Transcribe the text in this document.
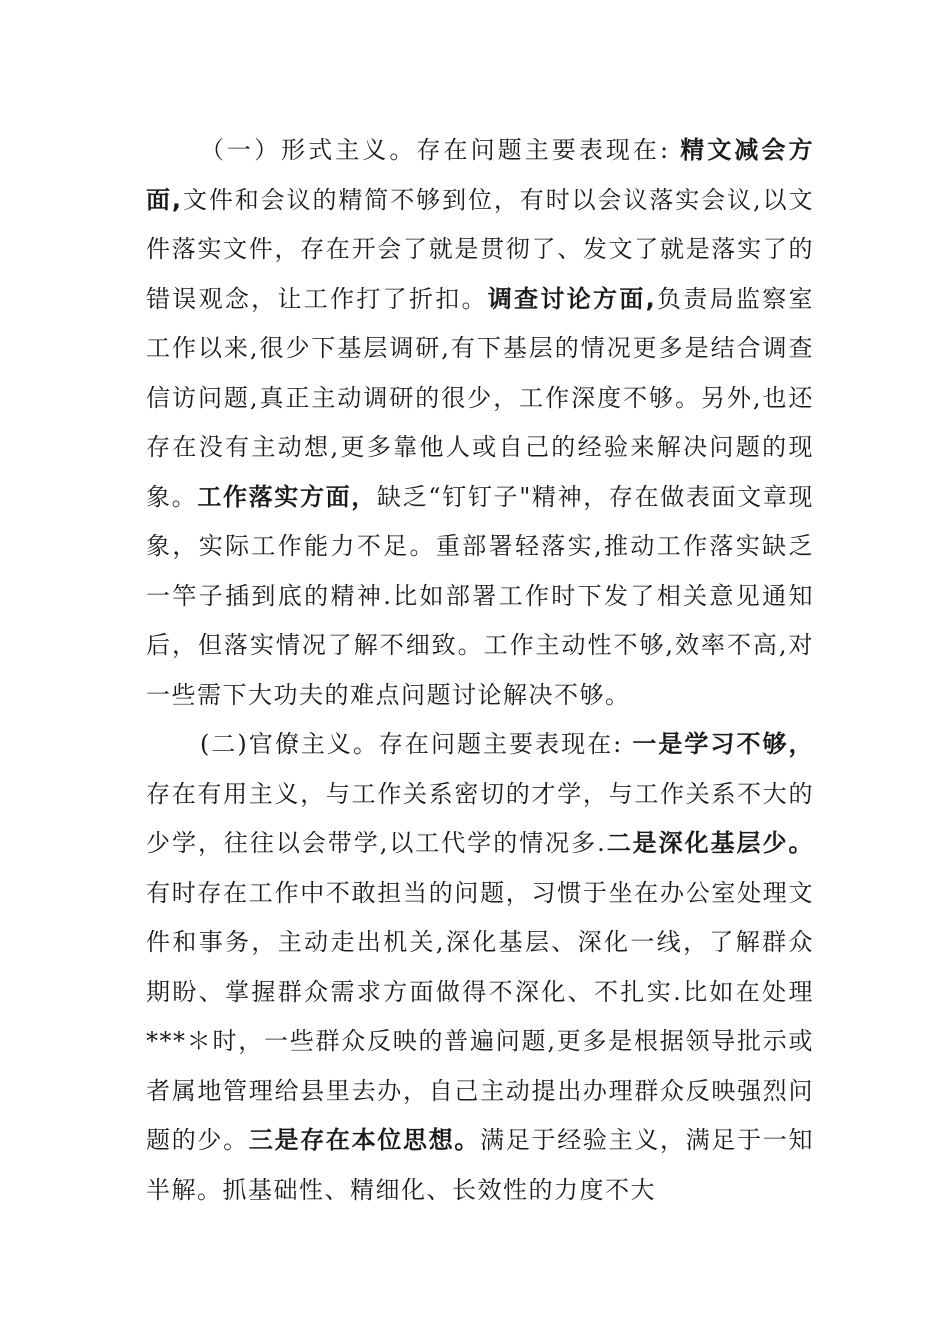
（一）形式主义。存在问题主要表现在: 精文减会方面,文件和会议的精简不够到位，有时以会议落实会议,以文件落实文件，存在开会了就是贯彻了、发文了就是落实了的错误观念，让工作打了折扣。调查讨论方面,负责局监察室工作以来,很少下基层调研,有下基层的情况更多是结合调查信访问题,真正主动调研的很少，工作深度不够。另外,也还存在没有主动想,更多靠他人或自己的经验来解决问题的现象。工作落实方面，缺乏“钉钉子"精神，存在做表面文章现象，实际工作能力不足。重部署轻落实,推动工作落实缺乏一竿子插到底的精神.比如部署工作时下发了相关意见通知后，但落实情况了解不细致。工作主动性不够,效率不高,对一些需下大功夫的难点问题讨论解决不够。

(二)官僚主义。存在问题主要表现在: 一是学习不够，存在有用主义，与工作关系密切的才学，与工作关系不大的少学，往往以会带学,以工代学的情况多.二是深化基层少。有时存在工作中不敢担当的问题，习惯于坐在办公室处理文件和事务，主动走出机关,深化基层、深化一线，了解群众期盼、掌握群众需求方面做得不深化、不扎实.比如在处理***＊时，一些群众反映的普遍问题,更多是根据领导批示或者属地管理给县里去办，自己主动提出办理群众反映强烈问题的少。三是存在本位思想。满足于经验主义，满足于一知半解。抓基础性、精细化、长效性的力度不大
